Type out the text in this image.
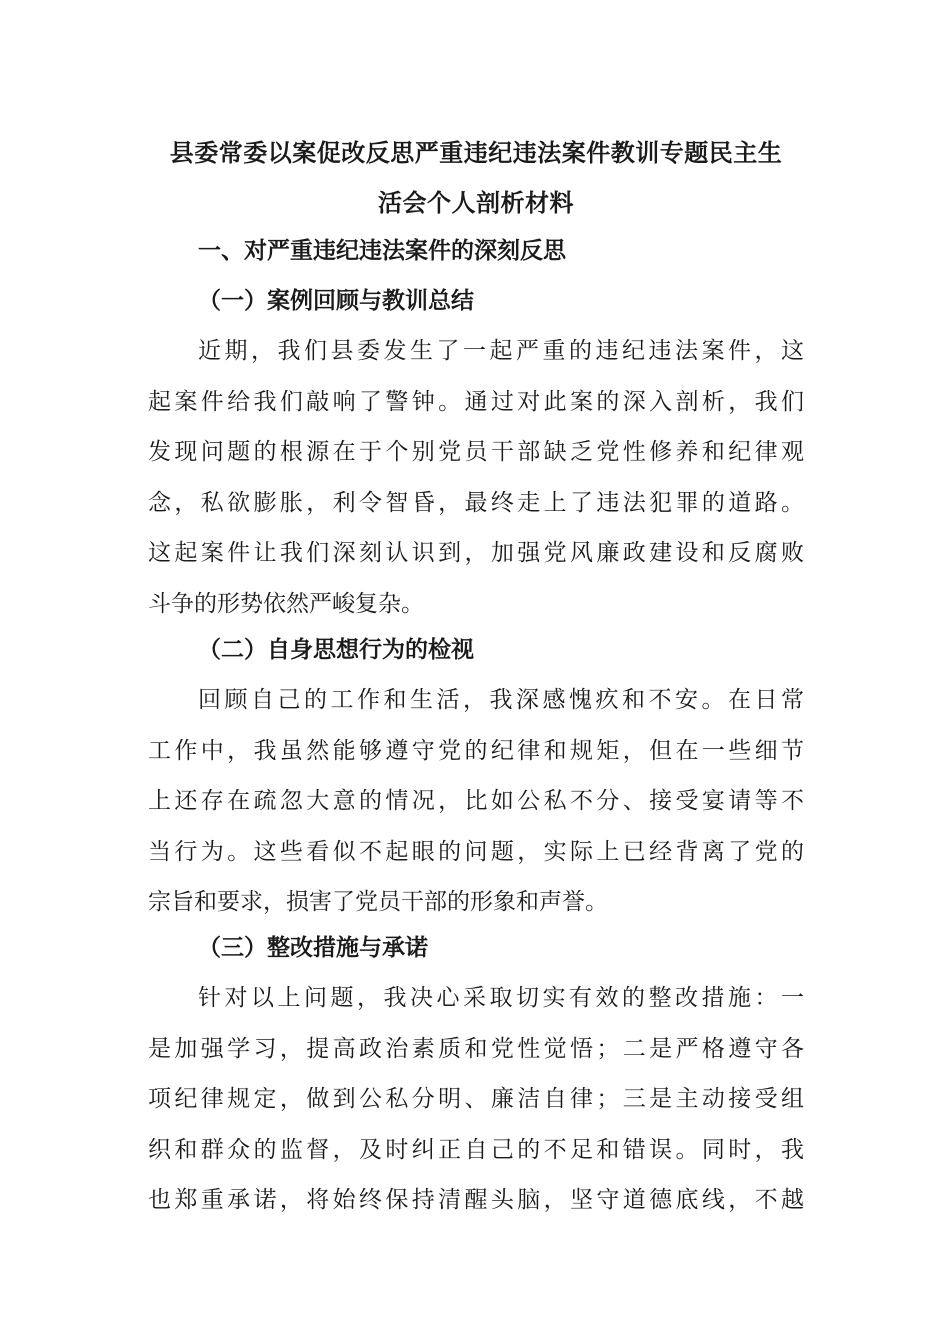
县委常委以案促改反思严重违纪违法案件教训专题民主生
活会个人剖析材料
一、对严重违纪违法案件的深刻反思
（一）案例回顾与教训总结
近期，我们县委发生了一起严重的违纪违法案件，这
起案件给我们敲响了警钟。通过对此案的深入剖析，我们
发现问题的根源在于个别党员干部缺乏党性修养和纪律观
念，私欲膨胀，利令智昏，最终走上了违法犯罪的道路。
这起案件让我们深刻认识到，加强党风廉政建设和反腐败
斗争的形势依然严峻复杂。
（二）自身思想行为的检视
回顾自己的工作和生活，我深感愧疚和不安。在日常
工作中，我虽然能够遵守党的纪律和规矩，但在一些细节
上还存在疏忽大意的情况，比如公私不分、接受宴请等不
当行为。这些看似不起眼的问题，实际上已经背离了党的
宗旨和要求，损害了党员干部的形象和声誉。
（三）整改措施与承诺
针对以上问题，我决心采取切实有效的整改措施：一
是加强学习，提高政治素质和党性觉悟；二是严格遵守各
项纪律规定，做到公私分明、廉洁自律；三是主动接受组
织和群众的监督，及时纠正自己的不足和错误。同时，我
也郑重承诺，将始终保持清醒头脑，坚守道德底线，不越
